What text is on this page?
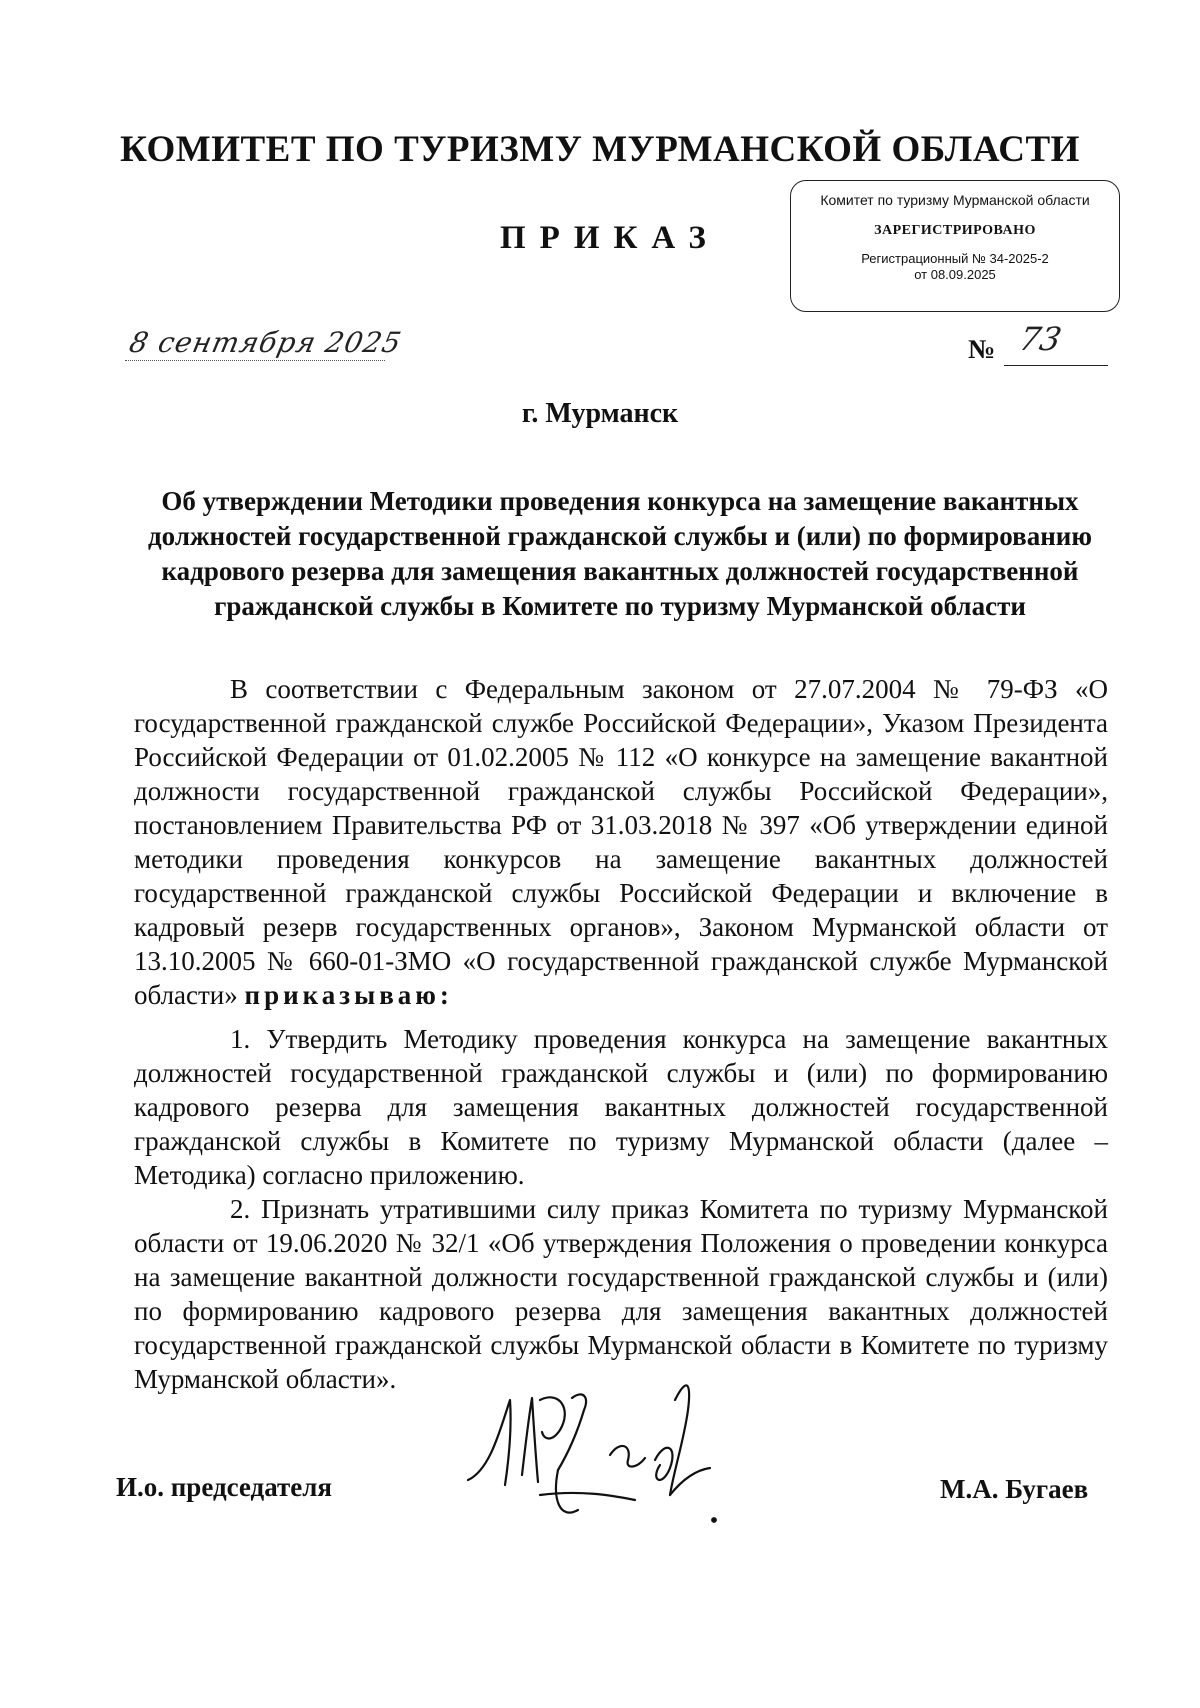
КОМИТЕТ ПО ТУРИЗМУ МУРМАНСКОЙ ОБЛАСТИ
ПРИКАЗ
Комитет по туризму Мурманской области
ЗАРЕГИСТРИРОВАНО
Регистрационный № 34-2025-2
от 08.09.2025
8 сентября 2025	№ 73
г. Мурманск
Об утверждении Методики проведения конкурса на замещение вакантных должностей государственной гражданской службы и (или) по формированию кадрового резерва для замещения вакантных должностей государственной гражданской службы в Комитете по туризму Мурманской области
В соответствии с Федеральным законом от 27.07.2004 № 79-ФЗ «О государственной гражданской службе Российской Федерации», Указом Президента Российской Федерации от 01.02.2005 № 112 «О конкурсе на замещение вакантной должности государственной гражданской службы Российской Федерации», постановлением Правительства РФ от 31.03.2018 № 397 «Об утверждении единой методики проведения конкурсов на замещение вакантных должностей государственной гражданской службы Российской Федерации и включение в кадровый резерв государственных органов», Законом Мурманской области от 13.10.2005 № 660-01-ЗМО «О государственной гражданской службе Мурманской области» приказываю:
1. Утвердить Методику проведения конкурса на замещение вакантных должностей государственной гражданской службы и (или) по формированию кадрового резерва для замещения вакантных должностей государственной гражданской службы в Комитете по туризму Мурманской области (далее – Методика) согласно приложению.
2. Признать утратившими силу приказ Комитета по туризму Мурманской области от 19.06.2020 № 32/1 «Об утверждения Положения о проведении конкурса на замещение вакантной должности государственной гражданской службы и (или) по формированию кадрового резерва для замещения вакантных должностей государственной гражданской службы Мурманской области в Комитете по туризму Мурманской области».
И.о. председателя	М.А. Бугаев
